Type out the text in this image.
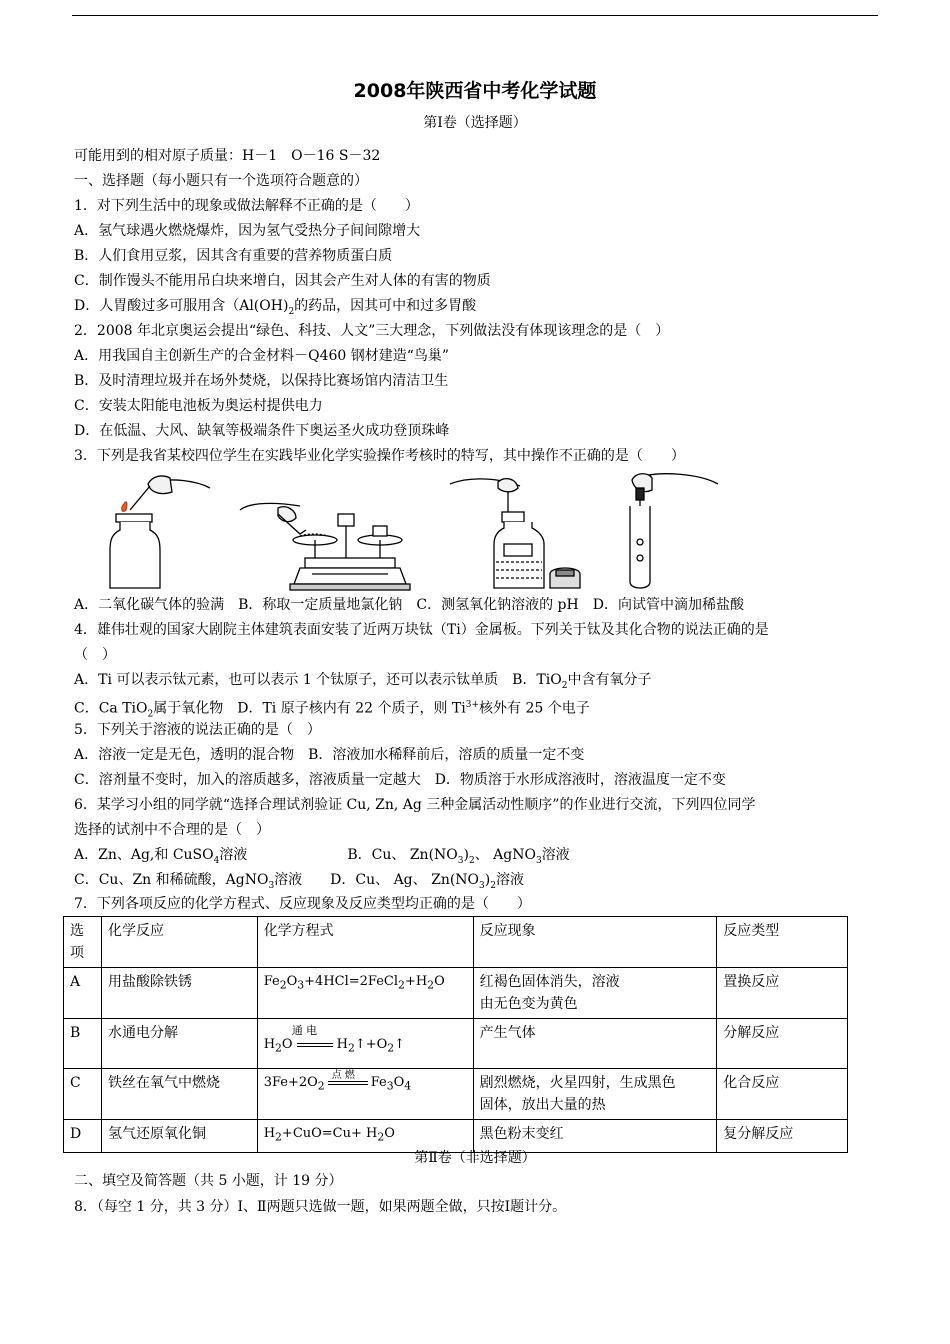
2008年陕西省中考化学试题
第Ⅰ卷（选择题）
可能用到的相对原子质量：H－1　O－16 S－32
一、选择题（每小题只有一个选项符合题意的）
1．对下列生活中的现象或做法解释不正确的是（　　）
A．氢气球遇火燃烧爆炸，因为氢气受热分子间间隙增大
B．人们食用豆浆，因其含有重要的营养物质蛋白质
C．制作馒头不能用吊白块来增白，因其会产生对人体的有害的物质
D．人胃酸过多可服用含（$Al(OH)_2$的药品，因其可中和过多胃酸
2．2008 年北京奥运会提出“绿色、科技、人文”三大理念，下列做法没有体现该理念的是（　）
A．用我国自主创新生产的合金材料－Q460 钢材建造“鸟巢”
B．及时清理垃圾并在场外焚烧，以保持比赛场馆内清洁卫生
C．安装太阳能电池板为奥运村提供电力
D．在低温、大风、缺氧等极端条件下奥运圣火成功登顶珠峰
3．下列是我省某校四位学生在实践毕业化学实验操作考核时的特写，其中操作不正确的是（　　）
A．二氧化碳气体的验满　B．称取一定质量地氯化钠　C．测氢氧化钠溶液的 pH　D．向试管中滴加稀盐酸
4．雄伟壮观的国家大剧院主体建筑表面安装了近两万块钛（Ti）金属板。下列关于钛及其化合物的说法正确的是
（　）
A．Ti 可以表示钛元素，也可以表示 1 个钛原子，还可以表示钛单质　B．TiO$_2$中含有氧分子
C．Ca TiO$_2$属于氧化物　D．Ti 原子核内有 22 个质子，则 $Ti^{3+}$核外有 25 个电子
5．下列关于溶液的说法正确的是（　）
A．溶液一定是无色，透明的混合物　B．溶液加水稀释前后，溶质的质量一定不变
C．溶剂量不变时，加入的溶质越多，溶液质量一定越大　D．物质溶于水形成溶液时，溶液温度一定不变
6．某学习小组的同学就“选择合理试剂验证 Cu, Zn, Ag 三种金属活动性顺序”的作业进行交流，下列四位同学
选择的试剂中不合理的是（　）
A．Zn、Ag,和 CuSO$_4$溶液	B．Cu、 $Zn(NO_3)_2$、 AgNO$_3$溶液
C．Cu、Zn 和稀硫酸，AgNO$_3$溶液 D．Cu、 Ag、 $Zn(NO_3)_2$溶液
7．下列各项反应的化学方程式、反应现象及反应类型均正确的是（　　）
选
项	化学反应	化学方程式	反应现象	反应类型
A	用盐酸除铁锈	$Fe_2O_3+4HCl=2FeCl_2+H_2O$	红褐色固体消失，溶液
由无色变为黄色	置换反应
B	水通电分解	通 电
$H_2O$ $H_2↑+O_2↑$	产生气体	分解反应
C	铁丝在氧气中燃烧	$3Fe+2O_2$
点 燃 $Fe_3O_4$	剧烈燃烧，火星四射，生成黑色
固体，放出大量的热	化合反应
D	氢气还原氧化铜	$H_2+CuO=Cu+ H_2O$	黑色粉末变红	复分解反应
第Ⅱ卷（非选择题）
二、填空及简答题（共 5 小题，计 19 分）
8．（每空 1 分，共 3 分）Ⅰ、Ⅱ两题只选做一题，如果两题全做，只按Ⅰ题计分。
